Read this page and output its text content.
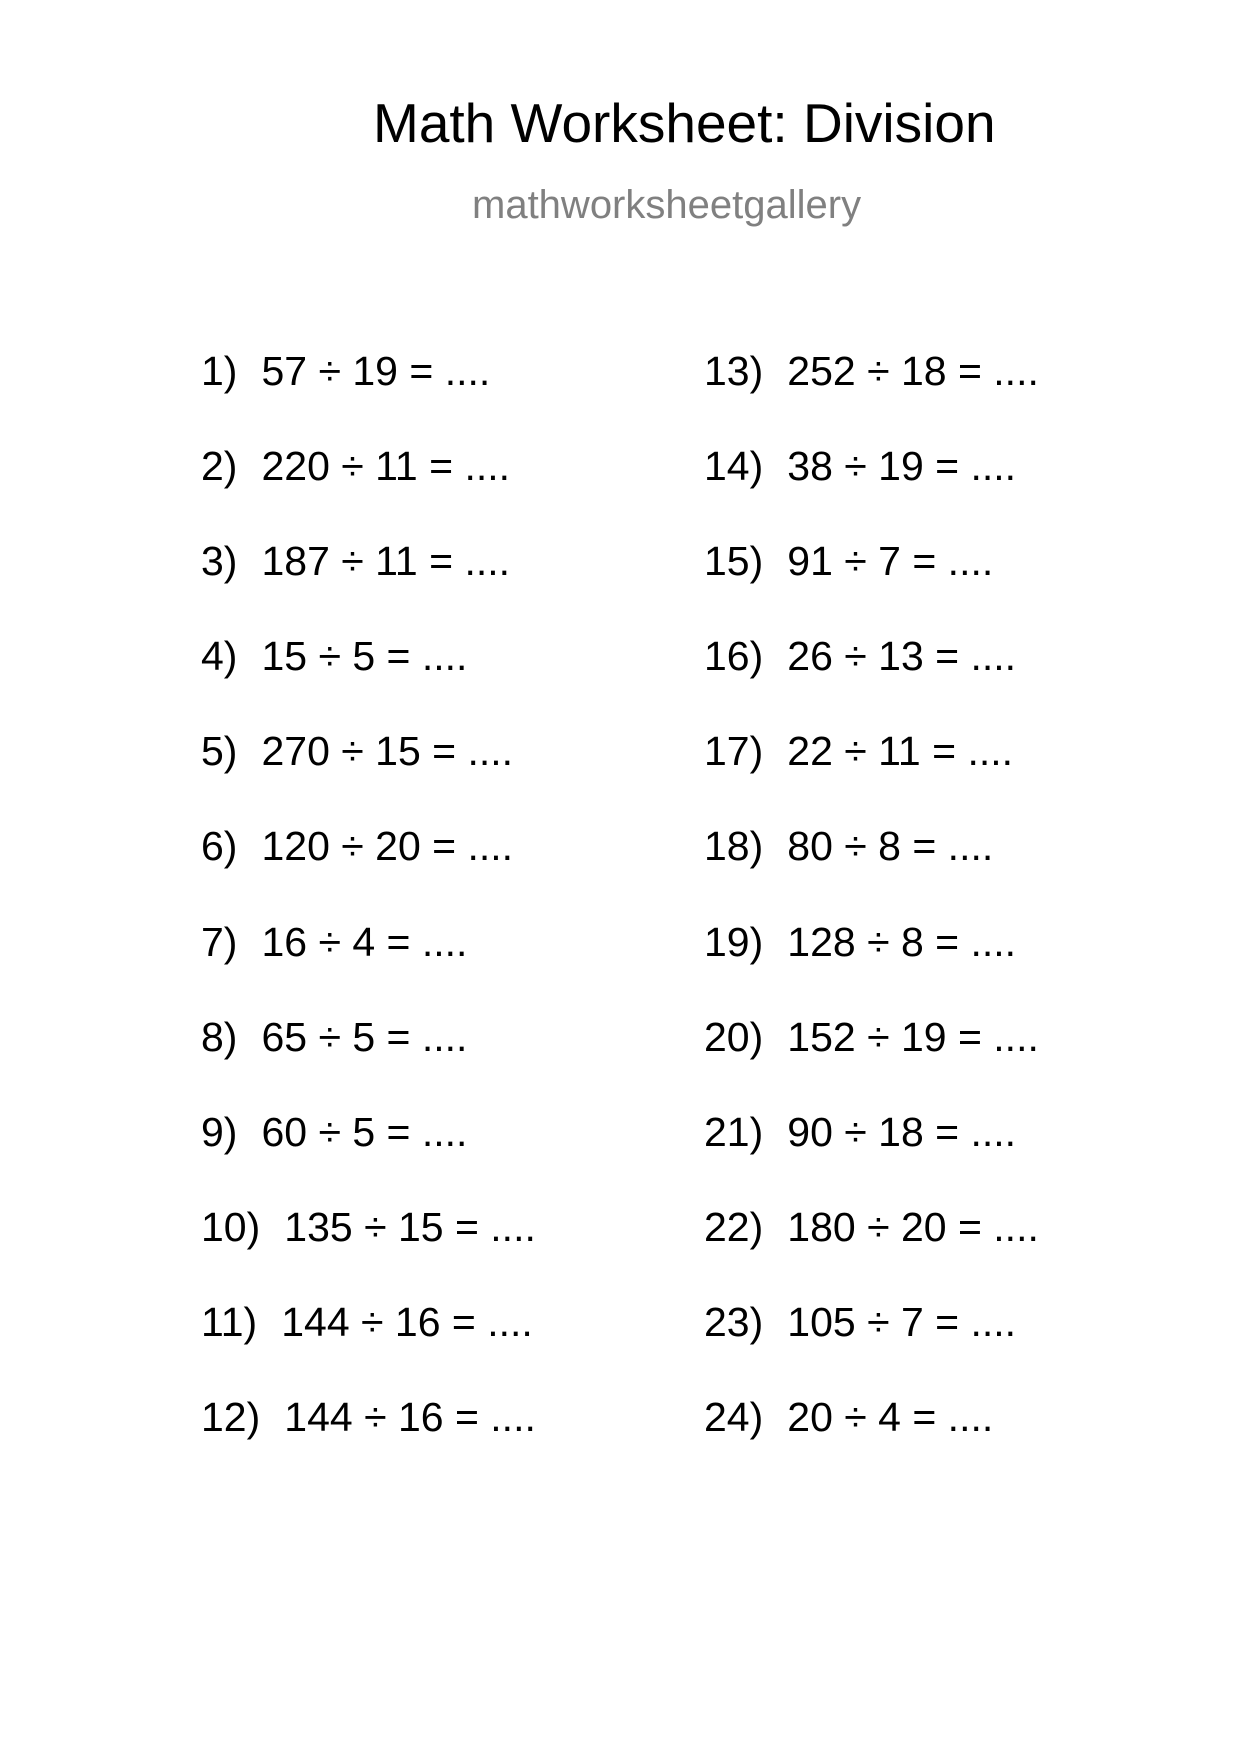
Math Worksheet: Division
mathworksheetgallery
1) 57 ÷ 19 = ....
2) 220 ÷ 11 = ....
3) 187 ÷ 11 = ....
4) 15 ÷ 5 = ....
5) 270 ÷ 15 = ....
6) 120 ÷ 20 = ....
7) 16 ÷ 4 = ....
8) 65 ÷ 5 = ....
9) 60 ÷ 5 = ....
10) 135 ÷ 15 = ....
11) 144 ÷ 16 = ....
12) 144 ÷ 16 = ....
13) 252 ÷ 18 = ....
14) 38 ÷ 19 = ....
15) 91 ÷ 7 = ....
16) 26 ÷ 13 = ....
17) 22 ÷ 11 = ....
18) 80 ÷ 8 = ....
19) 128 ÷ 8 = ....
20) 152 ÷ 19 = ....
21) 90 ÷ 18 = ....
22) 180 ÷ 20 = ....
23) 105 ÷ 7 = ....
24) 20 ÷ 4 = ....
